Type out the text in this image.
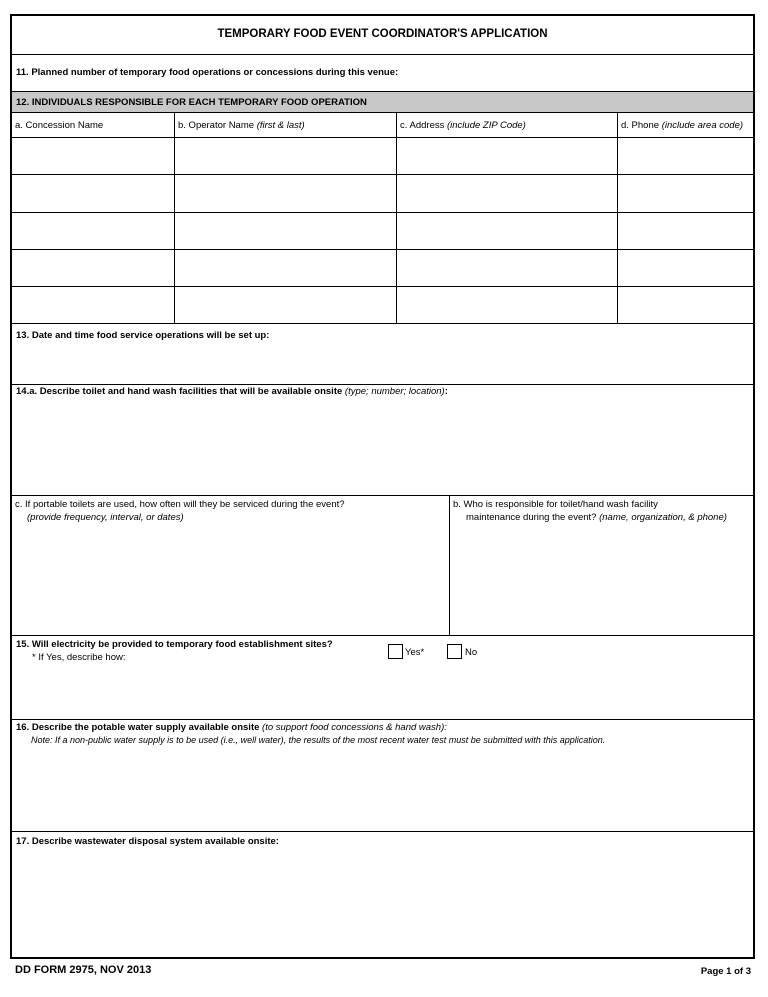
TEMPORARY FOOD EVENT COORDINATOR'S APPLICATION
11. Planned number of temporary food operations or concessions during this venue:
12. INDIVIDUALS RESPONSIBLE FOR EACH TEMPORARY FOOD OPERATION
a. Concession Name	b. Operator Name (first & last)	c. Address (include ZIP Code)	d. Phone (include area code)
13. Date and time food service operations will be set up:
14.a. Describe toilet and hand wash facilities that will be available onsite (type; number; location):
c. If portable toilets are used, how often will they be serviced during the event?
(provide frequency, interval, or dates)
b. Who is responsible for toilet/hand wash facility
maintenance during the event? (name, organization, & phone)
15. Will electricity be provided to temporary food establishment sites?
* If Yes, describe how:	Yes*	No
16. Describe the potable water supply available onsite (to support food concessions & hand wash):
Note: If a non-public water supply is to be used (i.e., well water), the results of the most recent water test must be submitted with this application.
17. Describe wastewater disposal system available onsite:
DD FORM 2975, NOV 2013	Page 1 of 3
